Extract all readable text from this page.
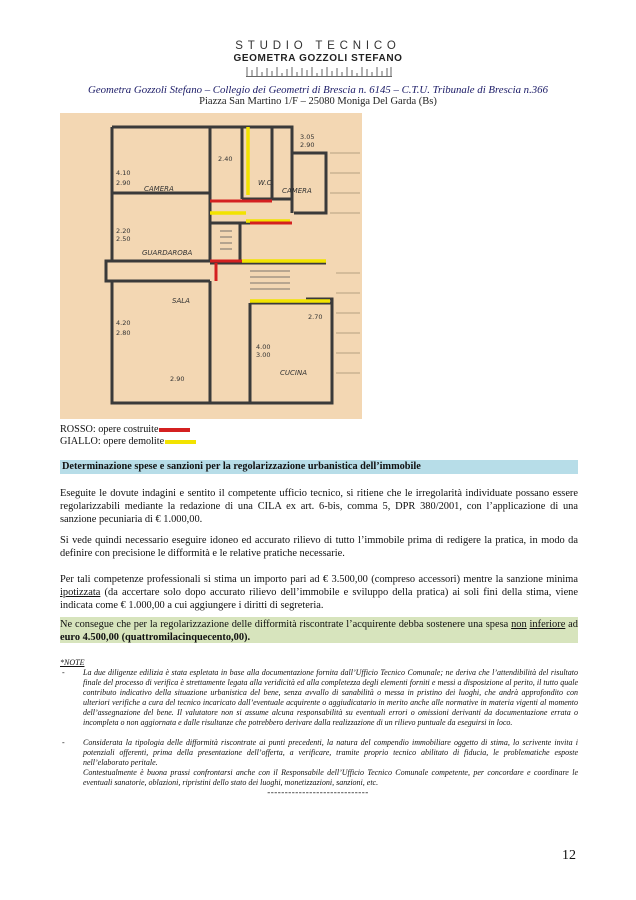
STUDIO TECNICO
GEOMETRA GOZZOLI STEFANO
Geometra Gozzoli Stefano – Collegio dei Geometri di Brescia n. 6145 – C.T.U. Tribunale di Brescia n.366
Piazza San Martino 1/F – 25080 Moniga Del Garda (Bs)
CAMERA
W.C.
CAMERA
GUARDAROBA
SALA
CUCINA
4.10
2.90
2.20
2.50
4.20
2.80
4.00
3.00
2.90
2.70
2.40
3.05
2.90
ROSSO: opere costruite
GIALLO: opere demolite
Determinazione spese e sanzioni per la regolarizzazione urbanistica dell’immobile
Eseguite le dovute indagini e sentito il competente ufficio tecnico, si ritiene che le irregolarità individuate possano essere regolarizzabili mediante la redazione di una CILA ex art. 6-bis, comma 5, DPR 380/2001, con l’applicazione di una sanzione pecuniaria di € 1.000,00.
Si vede quindi necessario eseguire idoneo ed accurato rilievo di tutto l’immobile prima di redigere la pratica, in modo da definire con precisione le difformità e le relative pratiche necessarie.
Per tali competenze professionali si stima un importo pari ad € 3.500,00 (compreso accessori) mentre la sanzione minima ipotizzata (da accertare solo dopo accurato rilievo dell’immobile e sviluppo della pratica) ai soli fini della stima, viene indicata come € 1.000,00 a cui aggiungere i diritti di segreteria.
Ne consegue che per la regolarizzazione delle difformità riscontrate l’acquirente debba sostenere una spesa non inferiore ad euro 4.500,00 (quattromilacinquecento,00).
*NOTE
- La due diligenze edilizia è stata espletata in base alla documentazione fornita dall’Ufficio Tecnico Comunale; ne deriva che l’attendibilità del risultato finale del processo di verifica è strettamente legata alla veridicità ed alla completezza degli elementi forniti e messi a disposizione al perito, il tutto quale contributo indicativo della situazione urbanistica del bene, senza avvallo di sanabilità o messa in pristino dei luoghi, che andrà approfondito con ulteriori verifiche a cura del tecnico incaricato dall’eventuale acquirente o aggiudicatario in merito anche alle normative in materia vigenti al momento dell’assegnazione del bene. Il valutatore non si assume alcuna responsabilità su eventuali errori o omissioni derivanti da documentazione errata o incompleta o non aggiornata e dalle risultanze che potrebbero derivare dalla realizzazione di un rilievo puntuale da eseguirsi in loco.
- Considerata la tipologia delle difformità riscontrate ai punti precedenti, la natura del compendio immobiliare oggetto di stima, lo scrivente invita i potenziali offerenti, prima della presentazione dell’offerta, a verificare, tramite proprio tecnico abilitato di fiducia, le problematiche esposte nell’elaborato peritale.
Contestualmente è buona prassi confrontarsi anche con il Responsabile dell’Ufficio Tecnico Comunale competente, per concordare e coordinare le eventuali sanatorie, oblazioni, ripristini dello stato dei luoghi, monetizzazioni, sanzioni, etc.
-----------------------------
12
